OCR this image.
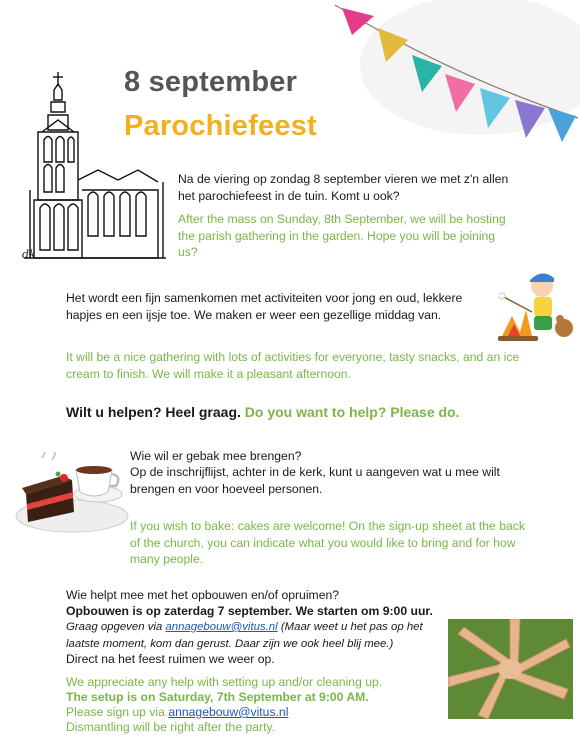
dk
8 september
Parochiefeest
Na de viering op zondag 8 september vieren we met z'n allen het parochiefeest in de tuin. Komt u ook?
After the mass on Sunday, 8th September, we will be hosting the parish gathering in the garden. Hope you will be joining us?
Het wordt een fijn samenkomen met activiteiten voor jong en oud, lekkere hapjes en een ijsje toe. We maken er weer een gezellige middag van.
It will be a nice gathering with lots of activities for everyone, tasty snacks, and an ice cream to finish. We will make it a pleasant afternoon.
Wilt u helpen? Heel graag. Do you want to help? Please do.
Wie wil er gebak mee brengen?
Op de inschrijflijst, achter in de kerk, kunt u aangeven wat u mee wilt brengen en voor hoeveel personen.
If you wish to bake: cakes are welcome! On the sign-up sheet at the back of the church, you can indicate what you would like to bring and for how many people.
Wie helpt mee met het opbouwen en/of opruimen?
Opbouwen is op zaterdag 7 september. We starten om 9:00 uur.
Graag opgeven via annagebouw@vitus.nl (Maar weet u het pas op het laatste moment, kom dan gerust. Daar zijn we ook heel blij mee.)
Direct na het feest ruimen we weer op.
We appreciate any help with setting up and/or cleaning up.
The setup is on Saturday, 7th September at 9:00 AM.
Please sign up via annagebouw@vitus.nl
Dismantling will be right after the party.
